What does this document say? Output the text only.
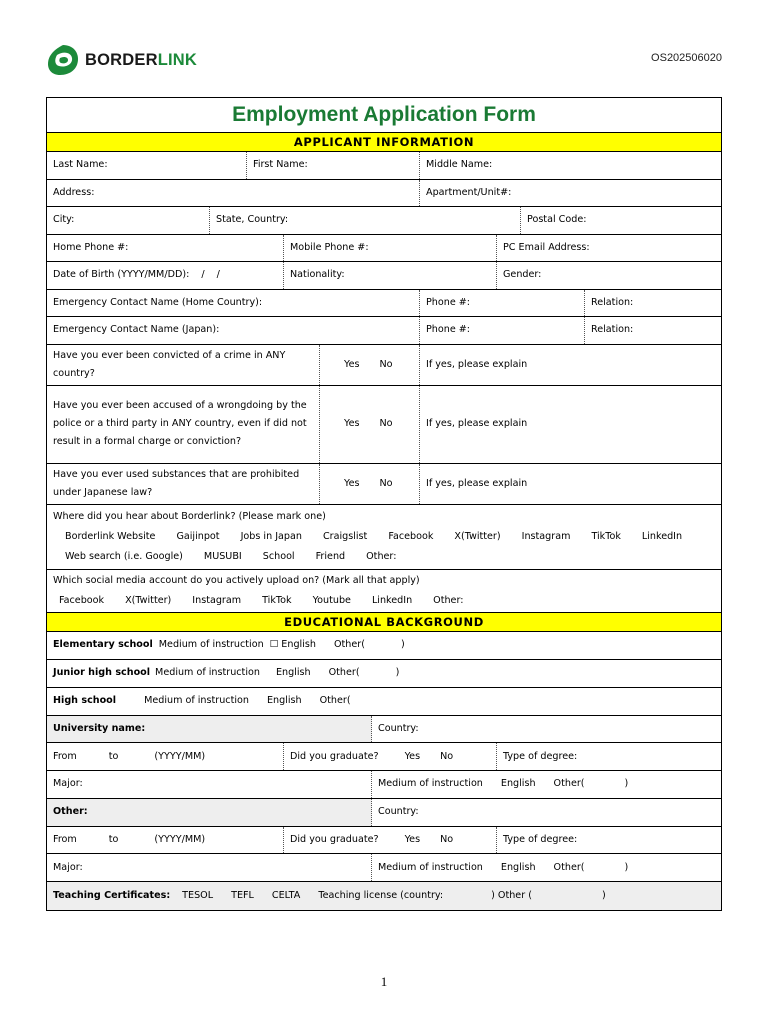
BORDERLINK	OS202506020
Employment Application Form
APPLICANT INFORMATION
Last Name:	First Name:	Middle Name:
Address:	Apartment/Unit#:
City:	State, Country:	Postal Code:
Home Phone #:	Mobile Phone #:	PC Email Address:
Date of Birth (YYYY/MM/DD): / /	Nationality:	Gender:
Emergency Contact Name (Home Country):	Phone #:	Relation:
Emergency Contact Name (Japan):	Phone #:	Relation:
Have you ever been convicted of a crime in ANY
country?
Yes No	If yes, please explain
Have you ever been accused of a wrongdoing by the
police or a third party in ANY country, even if did not
result in a formal charge or conviction?
Yes No	If yes, please explain
Have you ever used substances that are prohibited
under Japanese law?
Yes No	If yes, please explain
Where did you hear about Borderlink? (Please mark one)
Borderlink Website Gaijinpot Jobs in Japan Craigslist Facebook X(Twitter) Instagram TikTok LinkedIn
Web search (i.e. Google) MUSUBI School Friend Other:
Which social media account do you actively upload on? (Mark all that apply)
Facebook X(Twitter) Instagram TikTok Youtube LinkedIn Other:
EDUCATIONAL BACKGROUND
Elementary school Medium of instruction ☐ English Other(	)
Junior high school Medium of instruction English Other(	)
High school	Medium of instruction English Other(
University name:	Country:
From	to	(YYYY/MM)	Did you graduate?	Yes No	Type of degree:
Major:	Medium of instruction English Other(	)
Other:	Country:
From	to	(YYYY/MM)	Did you graduate?	Yes No	Type of degree:
Major:	Medium of instruction English Other(	)
Teaching Certificates: TESOL TEFL CELTA Teaching license (country:	) Other (	)
1
